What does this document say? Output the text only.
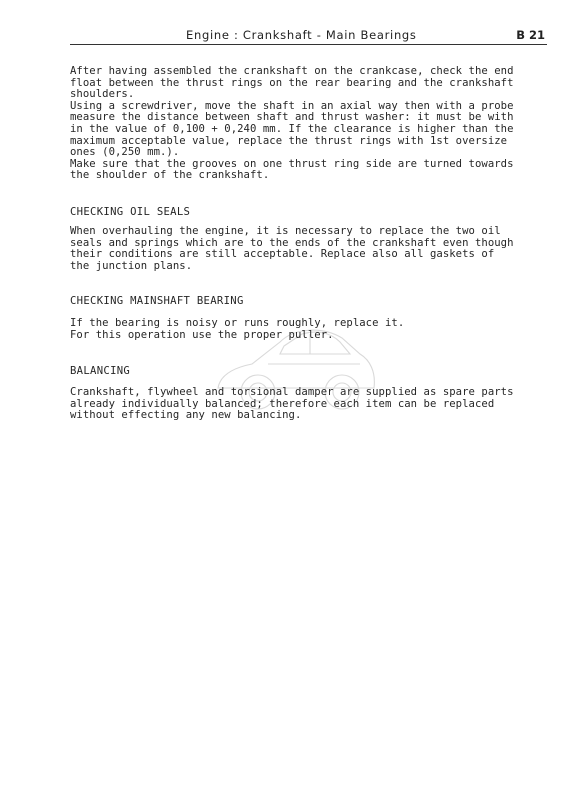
Engine : Crankshaft - Main Bearings	B 21
After having assembled the crankshaft on the crankcase, check the end
float between the thrust rings on the rear bearing and the crankshaft
shoulders.
Using a screwdriver, move the shaft in an axial way then with a probe
measure the distance between shaft and thrust washer: it must be with
in the value of 0,100 + 0,240 mm. If the clearance is higher than the
maximum acceptable value, replace the thrust rings with 1st oversize
ones (0,250 mm.).
Make sure that the grooves on one thrust ring side are turned towards
the shoulder of the crankshaft.
CHECKING OIL SEALS
When overhauling the engine, it is necessary to replace the two oil
seals and springs which are to the ends of the crankshaft even though
their conditions are still acceptable. Replace also all gaskets of
the junction plans.
CHECKING MAINSHAFT BEARING
If the bearing is noisy or runs roughly, replace it.
For this operation use the proper puller.
BALANCING
Crankshaft, flywheel and torsional damper are supplied as spare parts
already individually balanced; therefore each item can be replaced
without effecting any new balancing.
